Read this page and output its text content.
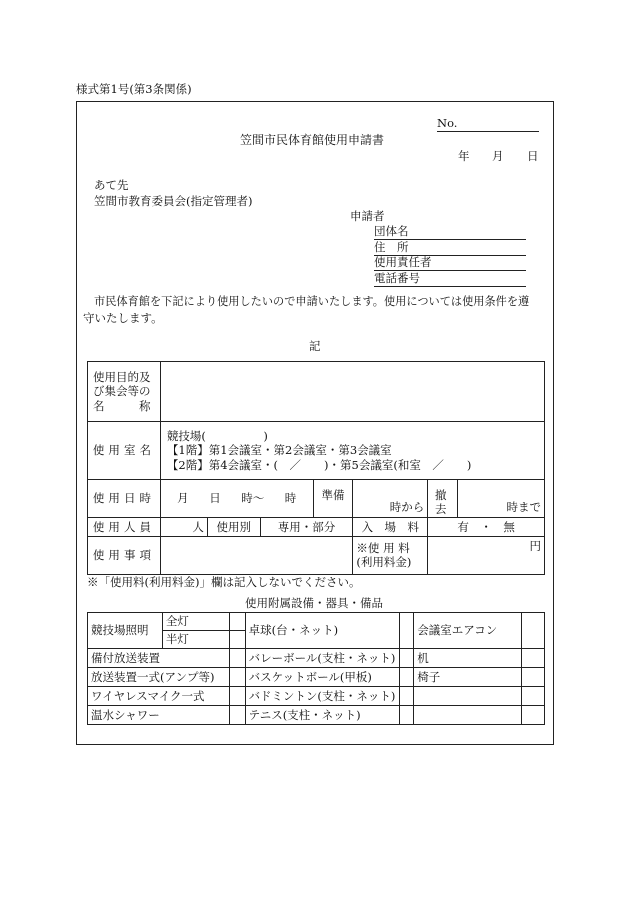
様式第1号(第3条関係)
No.
笠間市民体育館使用申請書
年 月 日
あて先
笠間市教育委員会(指定管理者)
申請者
団体名
住　所
使用責任者
電話番号
市民体育館を下記により使用したいので申請いたします。使用については使用条件を遵
守いたします。
記
使用目的及
び集会等の
名　　　称							

使用室名	競技場(　　　　　)
【1階】第1会議室・第2会議室・第3会議室
【2階】第4会議室・(　／　　)・第5会議室(和室　／　　)						

使用日時	月 日 時～ 時			準備	時から	撤去	時まで
使用人員	人	使用別	専用・部分		入　場　料	有　・　無	
使用事項					※使 用 料
(利用料金)	円	
※「使用料(利用料金)」欄は記入しないでください。
使用附属設備・器具・備品
競技場照明	全灯		卓球(台・ネット)		会議室エアコン	
	半灯					
備付放送装置			バレーボール(支柱・ネット)		机	
放送装置一式(アンプ等)			バスケットボール(甲板)		椅子	
ワイヤレスマイク一式			バドミントン(支柱・ネット)			
温水シャワー			テニス(支柱・ネット)			
